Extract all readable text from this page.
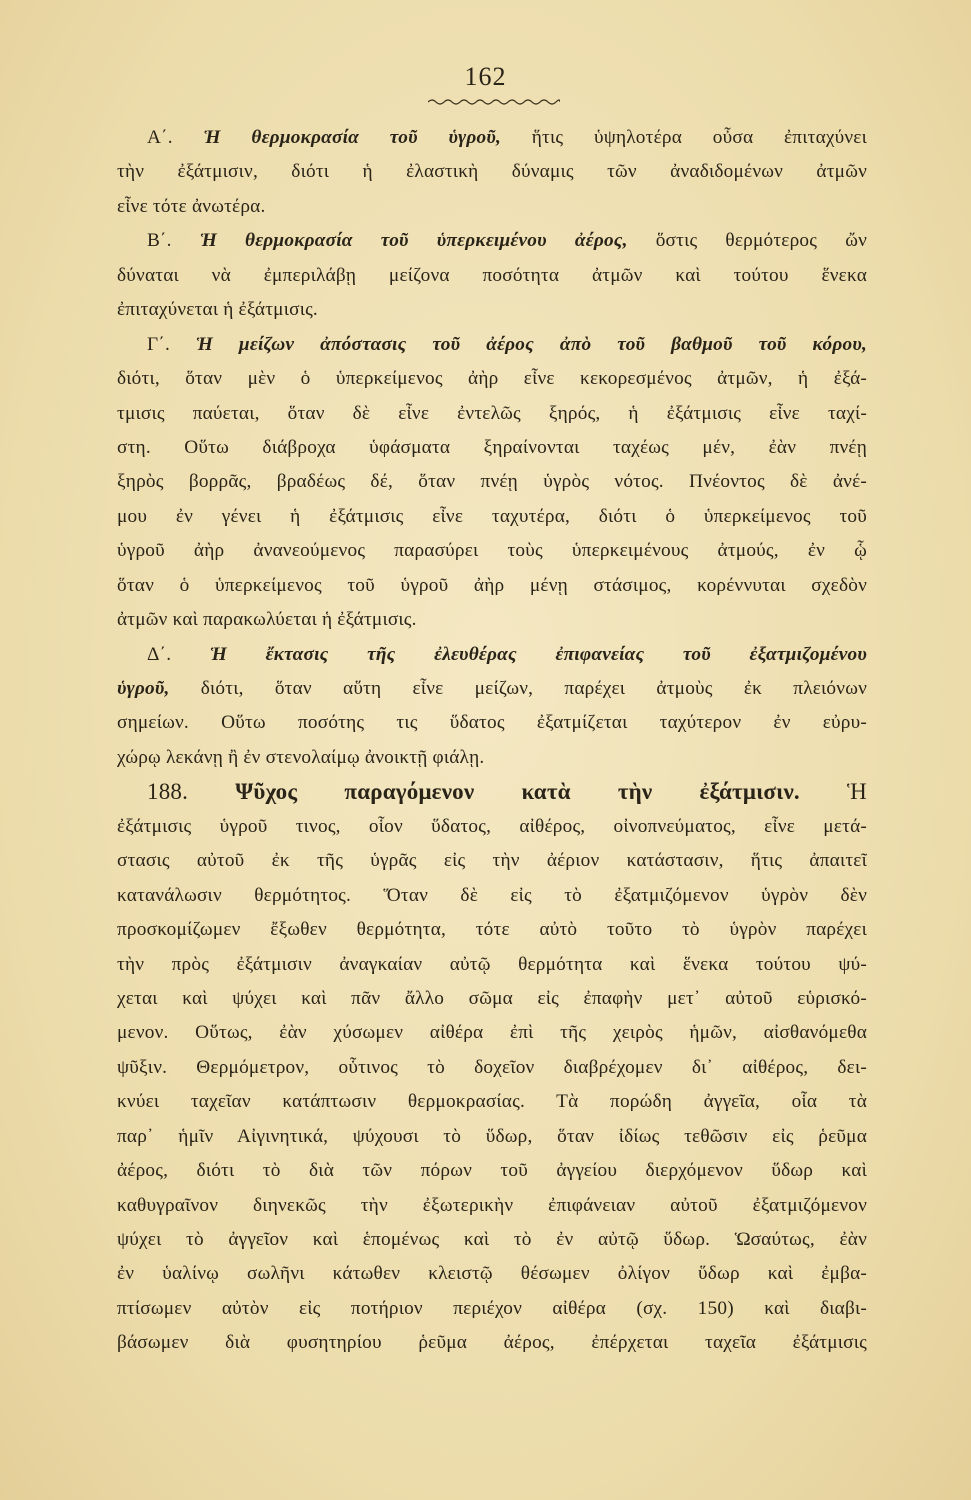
162
Α΄. Ἡ θερμοκρασία τοῦ ὑγροῦ, ἥτις ὑψηλοτέρα οὖσα ἐπιταχύνει
τὴν ἐξάτμισιν, διότι ἡ ἐλαστικὴ δύναμις τῶν ἀναδιδομένων ἀτμῶν
εἶνε τότε ἀνωτέρα.
Β΄. Ἡ θερμοκρασία τοῦ ὑπερκειμένου ἀέρος, ὅστις θερμότερος ὤν
δύναται νὰ ἐμπεριλάβῃ μείζονα ποσότητα ἀτμῶν καὶ τούτου ἕνεκα
ἐπιταχύνεται ἡ ἐξάτμισις.
Γ΄. Ἡ μείζων ἀπόστασις τοῦ ἀέρος ἀπὸ τοῦ βαθμοῦ τοῦ κόρου,
διότι, ὅταν μὲν ὁ ὑπερκείμενος ἀὴρ εἶνε κεκορεσμένος ἀτμῶν, ἡ ἐξά-
τμισις παύεται, ὅταν δὲ εἶνε ἐντελῶς ξηρός, ἡ ἐξάτμισις εἶνε ταχί-
στη. Οὕτω διάβροχα ὑφάσματα ξηραίνονται ταχέως μέν, ἐὰν πνέῃ
ξηρὸς βορρᾶς, βραδέως δέ, ὅταν πνέῃ ὑγρὸς νότος. Πνέοντος δὲ ἀνέ-
μου ἐν γένει ἡ ἐξάτμισις εἶνε ταχυτέρα, διότι ὁ ὑπερκείμενος τοῦ
ὑγροῦ ἀὴρ ἀνανεούμενος παρασύρει τοὺς ὑπερκειμένους ἀτμούς, ἐν ᾧ
ὅταν ὁ ὑπερκείμενος τοῦ ὑγροῦ ἀὴρ μένῃ στάσιμος, κορέννυται σχεδὸν
ἀτμῶν καὶ παρακωλύεται ἡ ἐξάτμισις.
Δ΄. Ἡ ἔκτασις τῆς ἐλευθέρας ἐπιφανείας τοῦ ἐξατμιζομένου
ὑγροῦ, διότι, ὅταν αὕτη εἶνε μείζων, παρέχει ἀτμοὺς ἐκ πλειόνων
σημείων. Οὕτω ποσότης τις ὕδατος ἐξατμίζεται ταχύτερον ἐν εὐρυ-
χώρῳ λεκάνῃ ἢ ἐν στενολαίμῳ ἀνοικτῇ φιάλῃ.
188. Ψῦχος παραγόμενον κατὰ τὴν ἐξάτμισιν. Ἡ
ἐξάτμισις ὑγροῦ τινος, οἷον ὕδατος, αἰθέρος, οἰνοπνεύματος, εἶνε μετά-
στασις αὐτοῦ ἐκ τῆς ὑγρᾶς εἰς τὴν ἀέριον κατάστασιν, ἥτις ἀπαιτεῖ
κατανάλωσιν θερμότητος. Ὅταν δὲ εἰς τὸ ἐξατμιζόμενον ὑγρὸν δὲν
προσκομίζωμεν ἔξωθεν θερμότητα, τότε αὐτὸ τοῦτο τὸ ὑγρὸν παρέχει
τὴν πρὸς ἐξάτμισιν ἀναγκαίαν αὐτῷ θερμότητα καὶ ἕνεκα τούτου ψύ-
χεται καὶ ψύχει καὶ πᾶν ἄλλο σῶμα εἰς ἐπαφὴν μετ᾽ αὐτοῦ εὑρισκό-
μενον. Οὕτως, ἐὰν χύσωμεν αἰθέρα ἐπὶ τῆς χειρὸς ἡμῶν, αἰσθανόμεθα
ψῦξιν. Θερμόμετρον, οὗτινος τὸ δοχεῖον διαβρέχομεν δι᾽ αἰθέρος, δει-
κνύει ταχεῖαν κατάπτωσιν θερμοκρασίας. Τὰ πορώδη ἀγγεῖα, οἷα τὰ
παρ᾽ ἡμῖν Αἰγινητικά, ψύχουσι τὸ ὕδωρ, ὅταν ἰδίως τεθῶσιν εἰς ῥεῦμα
ἀέρος, διότι τὸ διὰ τῶν πόρων τοῦ ἀγγείου διερχόμενον ὕδωρ καὶ
καθυγραῖνον διηνεκῶς τὴν ἐξωτερικὴν ἐπιφάνειαν αὐτοῦ ἐξατμιζόμενον
ψύχει τὸ ἀγγεῖον καὶ ἑπομένως καὶ τὸ ἐν αὐτῷ ὕδωρ. Ὡσαύτως, ἐὰν
ἐν ὑαλίνῳ σωλῆνι κάτωθεν κλειστῷ θέσωμεν ὀλίγον ὕδωρ καὶ ἐμβα-
πτίσωμεν αὐτὸν εἰς ποτήριον περιέχον αἰθέρα (σχ. 150) καὶ διαβι-
βάσωμεν διὰ φυσητηρίου ῥεῦμα ἀέρος, ἐπέρχεται ταχεῖα ἐξάτμισις
